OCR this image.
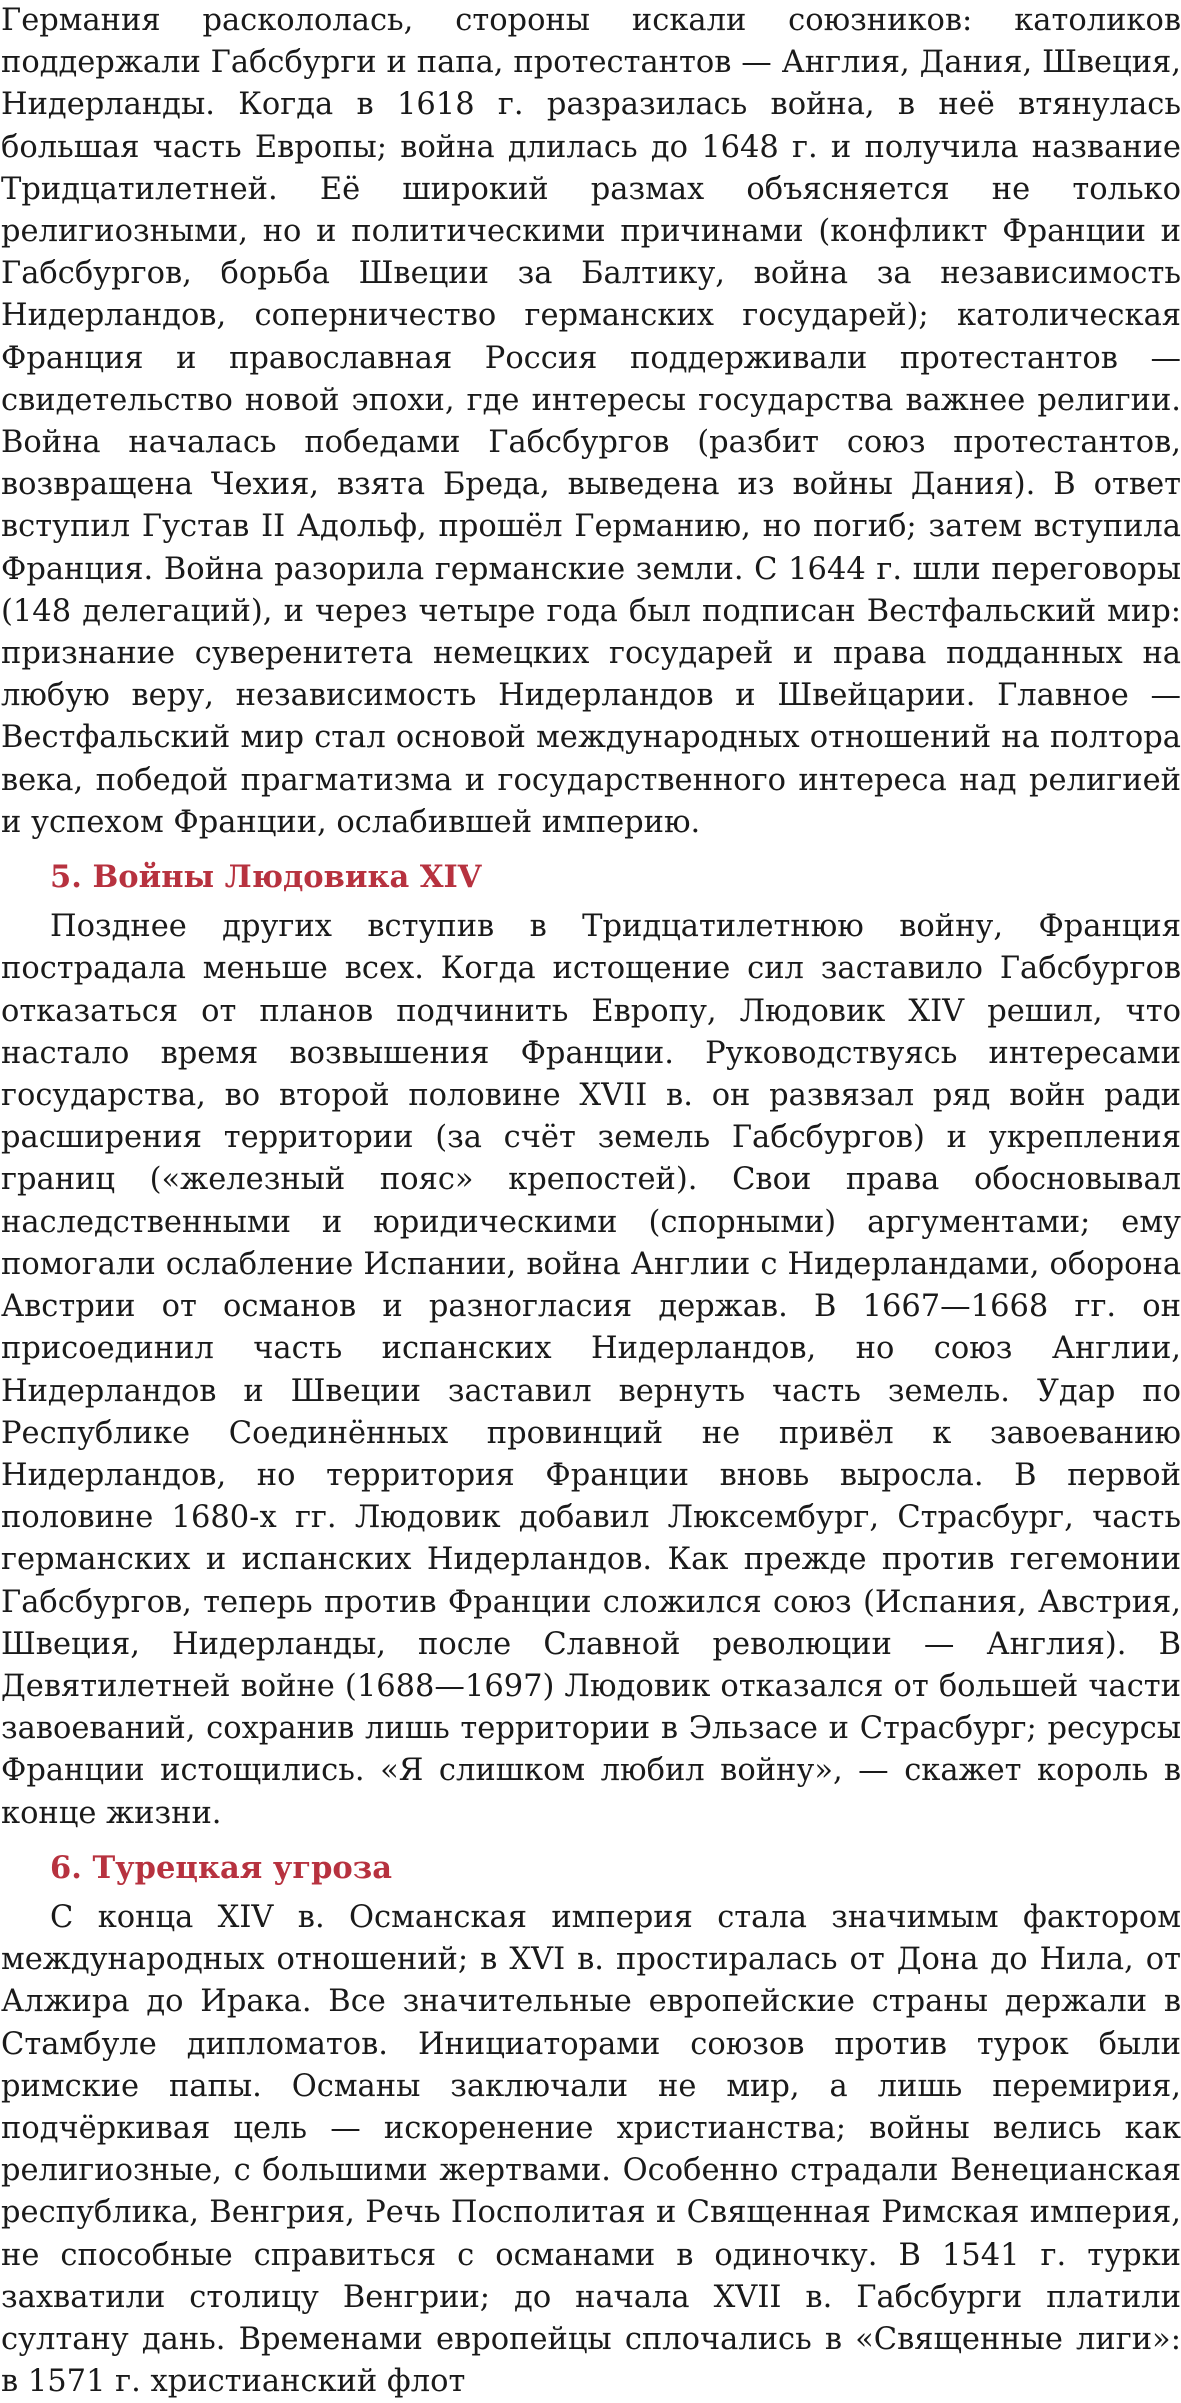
Германия раскололась, стороны искали союзников: католиков поддержали Габсбурги и папа, протестантов — Англия, Дания, Швеция, Нидерланды. Когда в 1618 г. разразилась война, в неё втянулась большая часть Европы; война длилась до 1648 г. и получила название Тридцатилетней. Её широкий размах объясняется не только религиозными, но и политическими причинами (конфликт Франции и Габсбургов, борьба Швеции за Балтику, война за независимость Нидерландов, соперничество германских государей); католическая Франция и православная Россия поддерживали протестантов — свидетельство новой эпохи, где интересы государства важнее религии. Война началась победами Габсбургов (разбит союз протестантов, возвращена Чехия, взята Бреда, выведена из войны Дания). В ответ вступил Густав II Адольф, прошёл Германию, но погиб; затем вступила Франция. Война разорила германские земли. С 1644 г. шли переговоры (148 делегаций), и через четыре года был подписан Вестфальский мир: признание суверенитета немецких государей и права подданных на любую веру, независимость Нидерландов и Швейцарии. Главное — Вестфальский мир стал основой международных отношений на полтора века, победой прагматизма и государственного интереса над религией и успехом Франции, ослабившей империю.

5. Войны Людовика XIV

Позднее других вступив в Тридцатилетнюю войну, Франция пострадала меньше всех. Когда истощение сил заставило Габсбургов отказаться от планов подчинить Европу, Людовик XIV решил, что настало время возвышения Франции. Руководствуясь интересами государства, во второй половине XVII в. он развязал ряд войн ради расширения территории (за счёт земель Габсбургов) и укрепления границ («железный пояс» крепостей). Свои права обосновывал наследственными и юридическими (спорными) аргументами; ему помогали ослабление Испании, война Англии с Нидерландами, оборона Австрии от османов и разногласия держав. В 1667—1668 гг. он присоединил часть испанских Нидерландов, но союз Англии, Нидерландов и Швеции заставил вернуть часть земель. Удар по Республике Соединённых провинций не привёл к завоеванию Нидерландов, но территория Франции вновь выросла. В первой половине 1680-х гг. Людовик добавил Люксембург, Страсбург, часть германских и испанских Нидерландов. Как прежде против гегемонии Габсбургов, теперь против Франции сложился союз (Испания, Австрия, Швеция, Нидерланды, после Славной революции — Англия). В Девятилетней войне (1688—1697) Людовик отказался от большей части завоеваний, сохранив лишь территории в Эльзасе и Страсбург; ресурсы Франции истощились. «Я слишком любил войну», — скажет король в конце жизни.

6. Турецкая угроза

С конца XIV в. Османская империя стала значимым фактором международных отношений; в XVI в. простиралась от Дона до Нила, от Алжира до Ирака. Все значительные европейские страны держали в Стамбуле дипломатов. Инициаторами союзов против турок были римские папы. Османы заключали не мир, а лишь перемирия, подчёркивая цель — искоренение христианства; войны велись как религиозные, с большими жертвами. Особенно страдали Венецианская республика, Венгрия, Речь Посполитая и Священная Римская империя, не способные справиться с османами в одиночку. В 1541 г. турки захватили столицу Венгрии; до начала XVII в. Габсбурги платили султану дань. Временами европейцы сплочались в «Священные лиги»: в 1571 г. христианский флот
